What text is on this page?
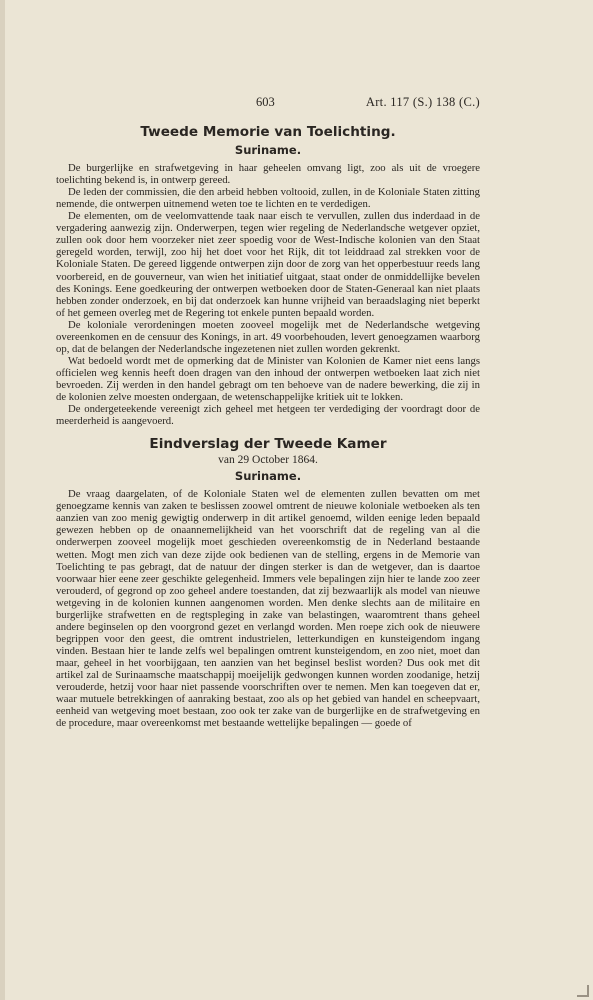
603	Art. 117 (S.) 138 (C.)
Tweede Memorie van Toelichting.
Suriname.

De burgerlijke en strafwetgeving in haar geheelen omvang ligt, zoo als uit de vroegere toelichting bekend is, in ontwerp gereed.

De leden der commissien, die den arbeid hebben voltooid, zullen, in de Koloniale Staten zitting nemende, die ontwerpen uitnemend weten toe te lichten en te verdedigen.

De elementen, om de veelomvattende taak naar eisch te vervullen, zullen dus inderdaad in de vergadering aanwezig zijn. Onderwerpen, tegen wier regeling de Nederlandsche wetgever opziet, zullen ook door hem voorzeker niet zeer spoedig voor de West-Indische kolonien van den Staat geregeld worden, terwijl, zoo hij het doet voor het Rijk, dit tot leiddraad zal strekken voor de Koloniale Staten. De gereed liggende ontwerpen zijn door de zorg van het opperbestuur reeds lang voorbereid, en de gouverneur, van wien het initiatief uitgaat, staat onder de onmiddellijke bevelen des Konings. Eene goedkeuring der ontwerpen wetboeken door de Staten-Generaal kan niet plaats hebben zonder onderzoek, en bij dat onderzoek kan hunne vrijheid van beraadslaging niet beperkt of het gemeen overleg met de Regering tot enkele punten bepaald worden.

De koloniale verordeningen moeten zooveel mogelijk met de Nederlandsche wetgeving overeenkomen en de censuur des Konings, in art. 49 voorbehouden, levert genoegzamen waarborg op, dat de belangen der Nederlandsche ingezetenen niet zullen worden gekrenkt.

Wat bedoeld wordt met de opmerking dat de Minister van Kolonien de Kamer niet eens langs officielen weg kennis heeft doen dragen van den inhoud der ontwerpen wetboeken laat zich niet bevroeden. Zij werden in den handel gebragt om ten behoeve van de nadere bewerking, die zij in de kolonien zelve moesten ondergaan, de wetenschappelijke kritiek uit te lokken.

De ondergeteekende vereenigt zich geheel met hetgeen ter verdediging der voordragt door de meerderheid is aangevoerd.

Eindverslag der Tweede Kamer
van 29 October 1864.
Suriname.

De vraag daargelaten, of de Koloniale Staten wel de elementen zullen bevatten om met genoegzame kennis van zaken te beslissen zoowel omtrent de nieuwe koloniale wetboeken als ten aanzien van zoo menig gewigtig onderwerp in dit artikel genoemd, wilden eenige leden bepaald gewezen hebben op de onaannemelijkheid van het voorschrift dat de regeling van al die onderwerpen zooveel mogelijk moet geschieden overeenkomstig de in Nederland bestaande wetten. Mogt men zich van deze zijde ook bedienen van de stelling, ergens in de Memorie van Toelichting te pas gebragt, dat de natuur der dingen sterker is dan de wetgever, dan is daartoe voorwaar hier eene zeer geschikte gelegenheid. Immers vele bepalingen zijn hier te lande zoo zeer verouderd, of gegrond op zoo geheel andere toestanden, dat zij bezwaarlijk als model van nieuwe wetgeving in de kolonien kunnen aangenomen worden. Men denke slechts aan de militaire en burgerlijke strafwetten en de regtspleging in zake van belastingen, waaromtrent thans geheel andere beginselen op den voorgrond gezet en verlangd worden. Men roepe zich ook de nieuwere begrippen voor den geest, die omtrent industrielen, letterkundigen en kunsteigendom ingang vinden. Bestaan hier te lande zelfs wel bepalingen omtrent kunsteigendom, en zoo niet, moet dan maar, geheel in het voorbijgaan, ten aanzien van het beginsel beslist worden? Dus ook met dit artikel zal de Surinaamsche maatschappij moeijelijk gedwongen kunnen worden zoodanige, hetzij verouderde, hetzij voor haar niet passende voorschriften over te nemen. Men kan toegeven dat er, waar mutuele betrekkingen of aanraking bestaat, zoo als op het gebied van handel en scheepvaart, eenheid van wetgeving moet bestaan, zoo ook ter zake van de burgerlijke en de strafwetgeving en de procedure, maar overeenkomst met bestaande wettelijke bepalingen — goede of
